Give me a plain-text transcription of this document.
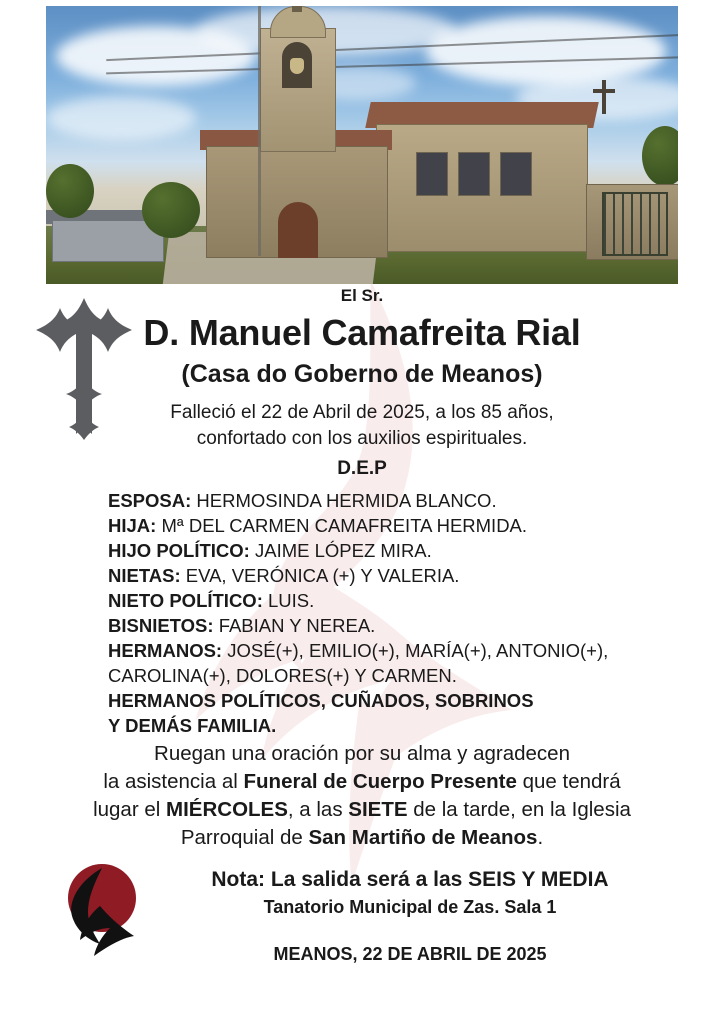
El Sr.
D. Manuel Camafreita Rial
(Casa do Goberno de Meanos)
Falleció el 22 de Abril de 2025, a los 85 años,
confortado con los auxilios espirituales.
D.E.P
ESPOSA: HERMOSINDA HERMIDA BLANCO.
HIJA: Mª DEL CARMEN CAMAFREITA HERMIDA.
HIJO POLÍTICO: JAIME LÓPEZ MIRA.
NIETAS: EVA, VERÓNICA (+) Y VALERIA.
NIETO POLÍTICO: LUIS.
BISNIETOS: FABIAN Y NEREA.
HERMANOS: JOSÉ(+), EMILIO(+), MARÍA(+), ANTONIO(+),
CAROLINA(+), DOLORES(+) Y CARMEN.
HERMANOS POLÍTICOS, CUÑADOS, SOBRINOS
Y DEMÁS FAMILIA.
Ruegan una oración por su alma y agradecen
la asistencia al Funeral de Cuerpo Presente que tendrá
lugar el MIÉRCOLES, a las SIETE de la tarde, en la Iglesia
Parroquial de San Martiño de Meanos.
Nota: La salida será a las SEIS Y MEDIA
Tanatorio Municipal de Zas. Sala 1
MEANOS, 22 DE ABRIL DE 2025
